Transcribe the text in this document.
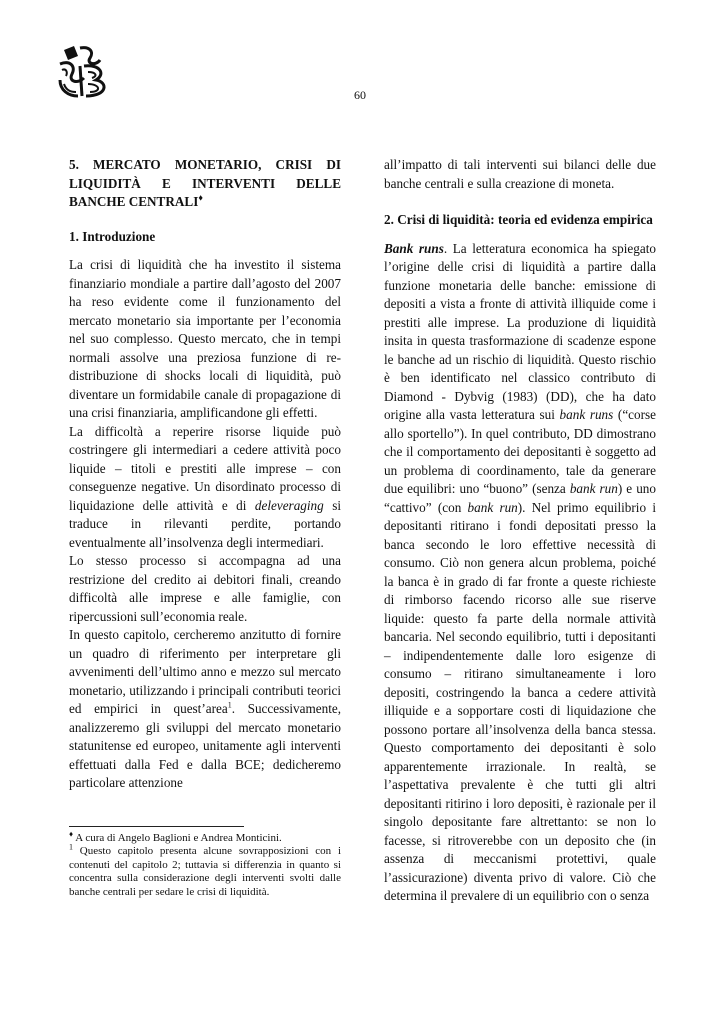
60
5. MERCATO MONETARIO, CRISI DI
LIQUIDITÀ E INTERVENTI DELLE
BANCHE CENTRALI♦
1. Introduzione

La crisi di liquidità che ha investito il sistema finanziario mondiale a partire dall’agosto del 2007 ha reso evidente come il funzionamento del mercato monetario sia importante per l’economia nel suo complesso. Questo mercato, che in tempi normali assolve una preziosa funzione di re-distribuzione di shocks locali di liquidità, può diventare un formidabile canale di propagazione di una crisi finanziaria, amplificandone gli effetti.

La difficoltà a reperire risorse liquide può costringere gli intermediari a cedere attività poco liquide – titoli e prestiti alle imprese – con conseguenze negative. Un disordinato processo di liquidazione delle attività e di deleveraging si traduce in rilevanti perdite, portando eventualmente all’insolvenza degli intermediari.

Lo stesso processo si accompagna ad una restrizione del credito ai debitori finali, creando difficoltà alle imprese e alle famiglie, con ripercussioni sull’economia reale.

In questo capitolo, cercheremo anzitutto di fornire un quadro di riferimento per interpretare gli avvenimenti dell’ultimo anno e mezzo sul mercato monetario, utilizzando i principali contributi teorici ed empirici in quest’area$^1$. Successivamente, analizzeremo gli sviluppi del mercato monetario statunitense ed europeo, unitamente agli interventi effettuati dalla Fed e dalla BCE; dedicheremo particolare attenzione

all’impatto di tali interventi sui bilanci delle due banche centrali e sulla creazione di moneta.

2. Crisi di liquidità: teoria ed evidenza empirica

Bank runs. La letteratura economica ha spiegato l’origine delle crisi di liquidità a partire dalla funzione monetaria delle banche: emissione di depositi a vista a fronte di attività illiquide come i prestiti alle imprese. La produzione di liquidità insita in questa trasformazione di scadenze espone le banche ad un rischio di liquidità. Questo rischio è ben identificato nel classico contributo di Diamond - Dybvig (1983) (DD), che ha dato origine alla vasta letteratura sui bank runs (“corse allo sportello”). In quel contributo, DD dimostrano che il comportamento dei depositanti è soggetto ad un problema di coordinamento, tale da generare due equilibri: uno “buono” (senza bank run) e uno “cattivo” (con bank run). Nel primo equilibrio i depositanti ritirano i fondi depositati presso la banca secondo le loro effettive necessità di consumo. Ciò non genera alcun problema, poiché la banca è in grado di far fronte a queste richieste di rimborso facendo ricorso alle sue riserve liquide: questo fa parte della normale attività bancaria. Nel secondo equilibrio, tutti i depositanti – indipendentemente dalle loro esigenze di consumo – ritirano simultaneamente i loro depositi, costringendo la banca a cedere attività illiquide e a sopportare costi di liquidazione che possono portare all’insolvenza della banca stessa. Questo comportamento dei depositanti è solo apparentemente irrazionale. In realtà, se l’aspettativa prevalente è che tutti gli altri depositanti ritirino i loro depositi, è razionale per il singolo depositante fare altrettanto: se non lo facesse, si ritroverebbe con un deposito che (in assenza di meccanismi protettivi, quale l’assicurazione) diventa privo di valore. Ciò che determina il prevalere di un equilibrio con o senza

♦ A cura di Angelo Baglioni e Andrea Monticini.

$^1$ Questo capitolo presenta alcune sovrapposizioni con i contenuti del capitolo 2; tuttavia si differenzia in quanto si concentra sulla considerazione degli interventi svolti dalle banche centrali per sedare le crisi di liquidità.
